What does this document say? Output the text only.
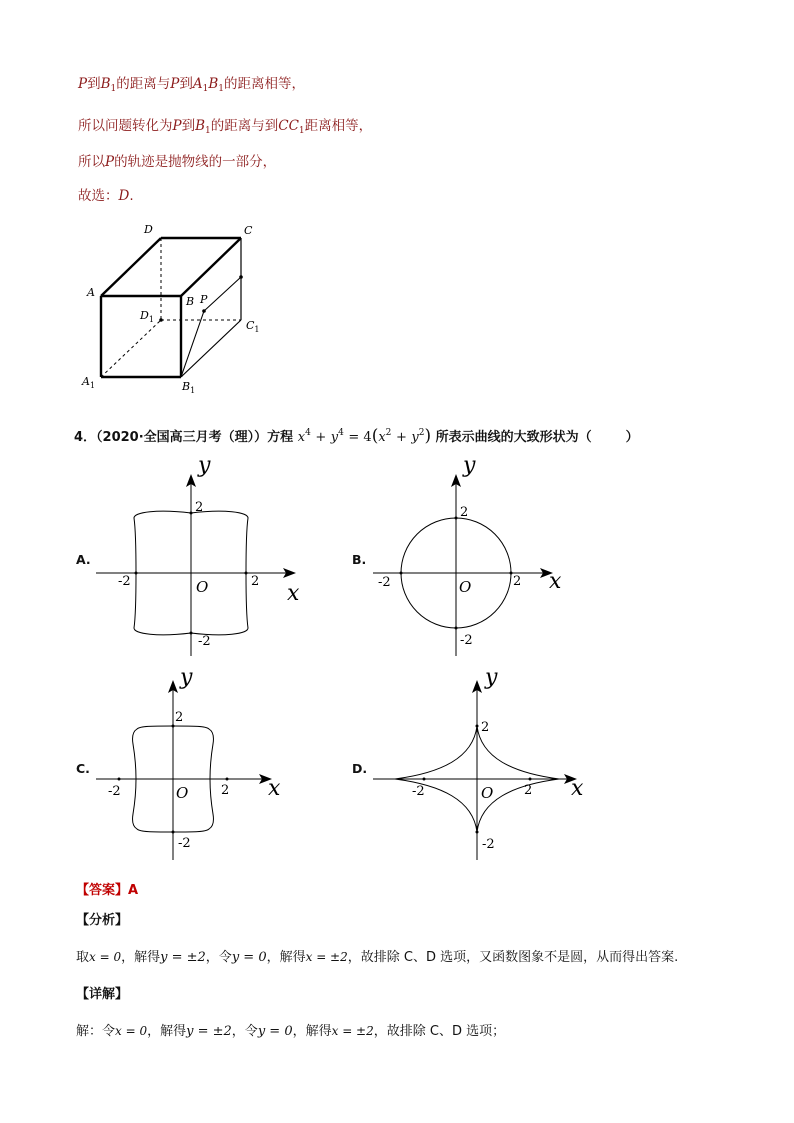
P到$B_1$的距离与P到$A_1B_1$的距离相等，
所以问题转化为P到$B_1$的距离与到$CC_1$距离相等，
所以P的轨迹是抛物线的一部分，
故选：D.
D	C
A
B P
$D_1$	$C_1$
$A_1$	$B_1$
4．（2020·全国高三月考（理））方程 $x^4 + y^4 = 4(x^2 + y^2)$ 所表示曲线的大致形状为（	）
A.	B.
C.	D.
y
x
O
2
-2
-2	2
y
x
O
2
-2
-2	2
y
x
O
2
-2
-2	2
y
x
O
2
-2
-2	2
【答案】A
【分析】
取x = 0，解得y = ±2，令y = 0，解得x = ±2，故排除 C、D 选项，又函数图象不是圆，从而得出答案.
【详解】
解：令x = 0，解得y = ±2，令y = 0，解得x = ±2，故排除 C、D 选项；
